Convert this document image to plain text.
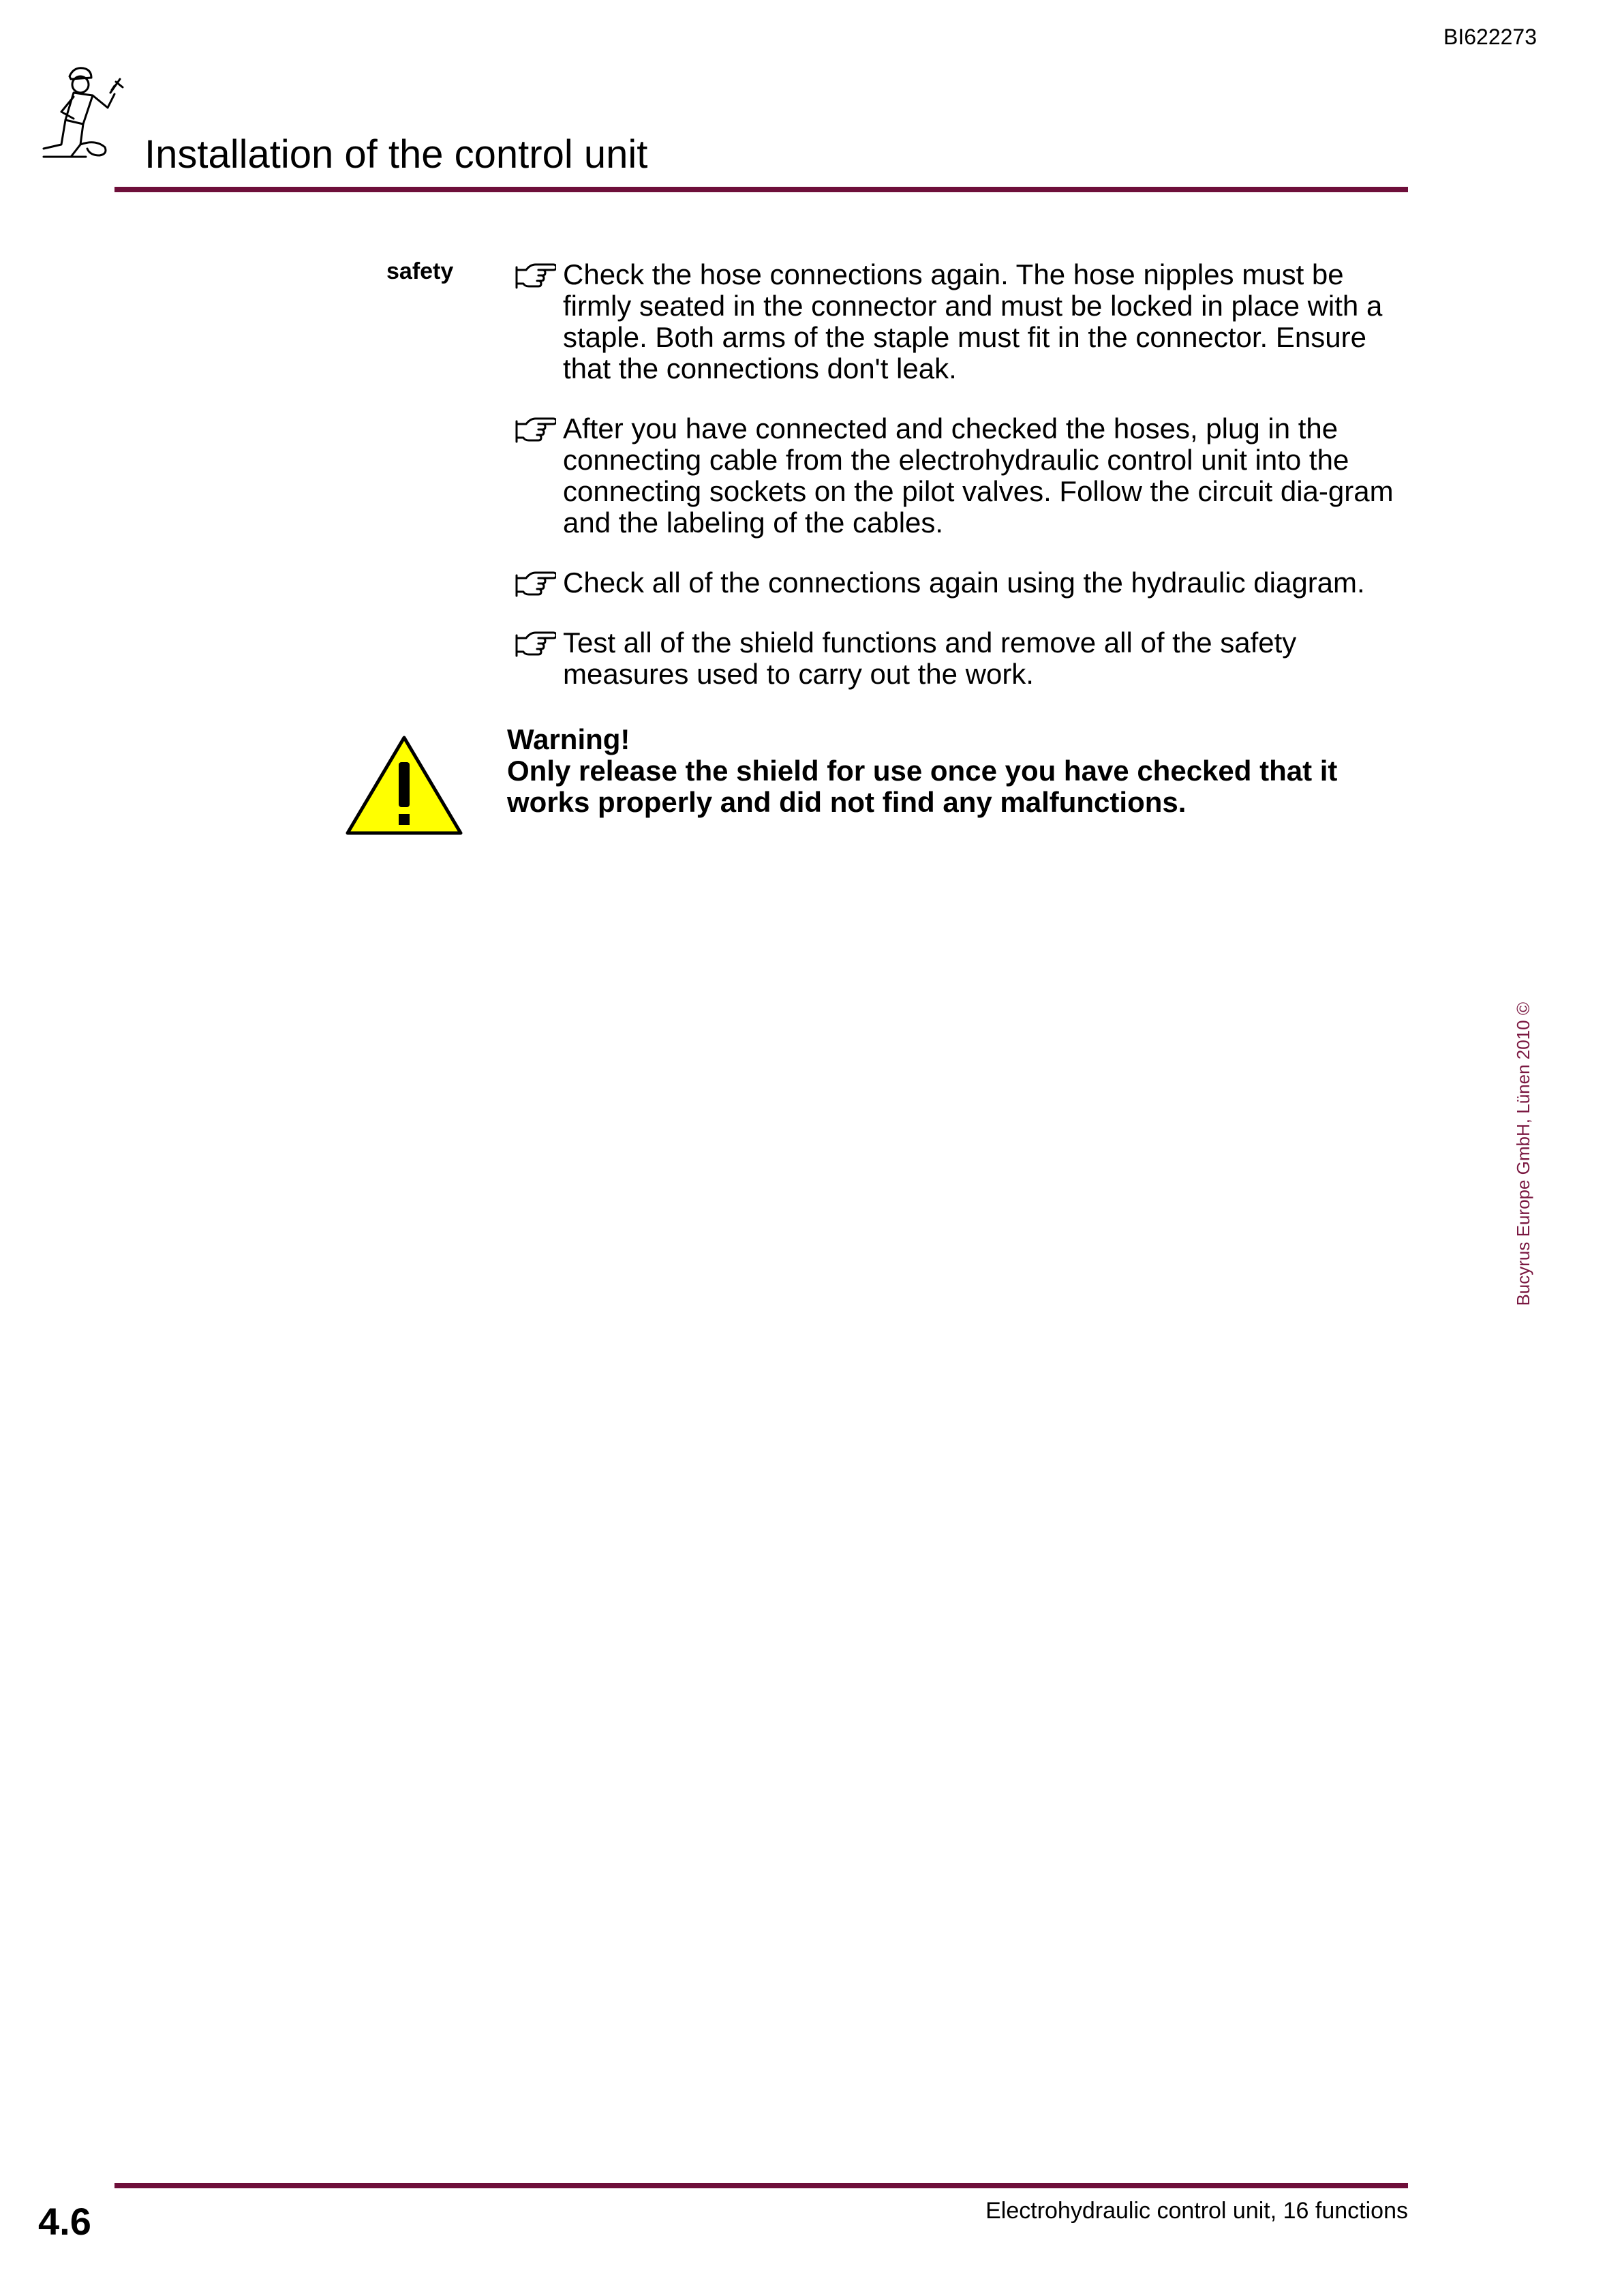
BI622273
Installation of the control unit
safety	Check the hose connections again. The hose nipples must be firmly seated in the connector and must be locked in place with a staple. Both arms of the staple must fit in the connector. Ensure that the connections don't leak.
After you have connected and checked the hoses, plug in the connecting cable from the electrohydraulic control unit into the connecting sockets on the pilot valves. Follow the circuit dia-gram and the labeling of the cables.
Check all of the connections again using the hydraulic diagram.
Test all of the shield functions and remove all of the safety measures used to carry out the work.
Warning!
Only release the shield for use once you have checked that it works properly and did not find any malfunctions.
Bucyrus Europe GmbH, Lünen 2010 ©
4.6	Electrohydraulic control unit, 16 functions
